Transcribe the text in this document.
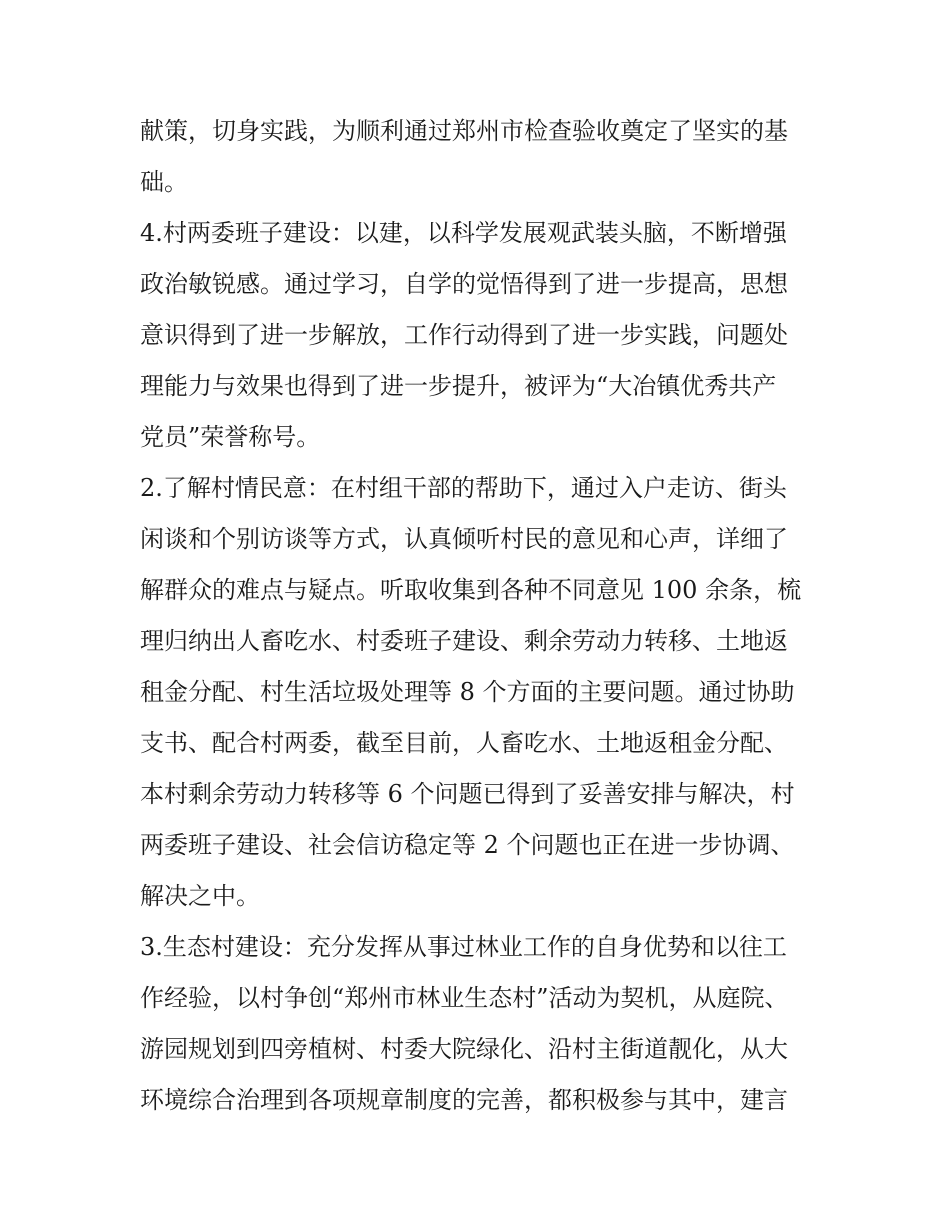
献策，切身实践，为顺利通过郑州市检查验收奠定了坚实的基
础。
4.村两委班子建设：以建，以科学发展观武装头脑，不断增强
政治敏锐感。通过学习，自学的觉悟得到了进一步提高，思想
意识得到了进一步解放，工作行动得到了进一步实践，问题处
理能力与效果也得到了进一步提升，被评为“大冶镇优秀共产
党员”荣誉称号。
2.了解村情民意：在村组干部的帮助下，通过入户走访、街头
闲谈和个别访谈等方式，认真倾听村民的意见和心声，详细了
解群众的难点与疑点。听取收集到各种不同意见 100 余条，梳
理归纳出人畜吃水、村委班子建设、剩余劳动力转移、土地返
租金分配、村生活垃圾处理等 8 个方面的主要问题。通过协助
支书、配合村两委，截至目前，人畜吃水、土地返租金分配、
本村剩余劳动力转移等 6 个问题已得到了妥善安排与解决，村
两委班子建设、社会信访稳定等 2 个问题也正在进一步协调、
解决之中。
3.生态村建设：充分发挥从事过林业工作的自身优势和以往工
作经验，以村争创“郑州市林业生态村”活动为契机，从庭院、
游园规划到四旁植树、村委大院绿化、沿村主街道靓化，从大
环境综合治理到各项规章制度的完善，都积极参与其中，建言
